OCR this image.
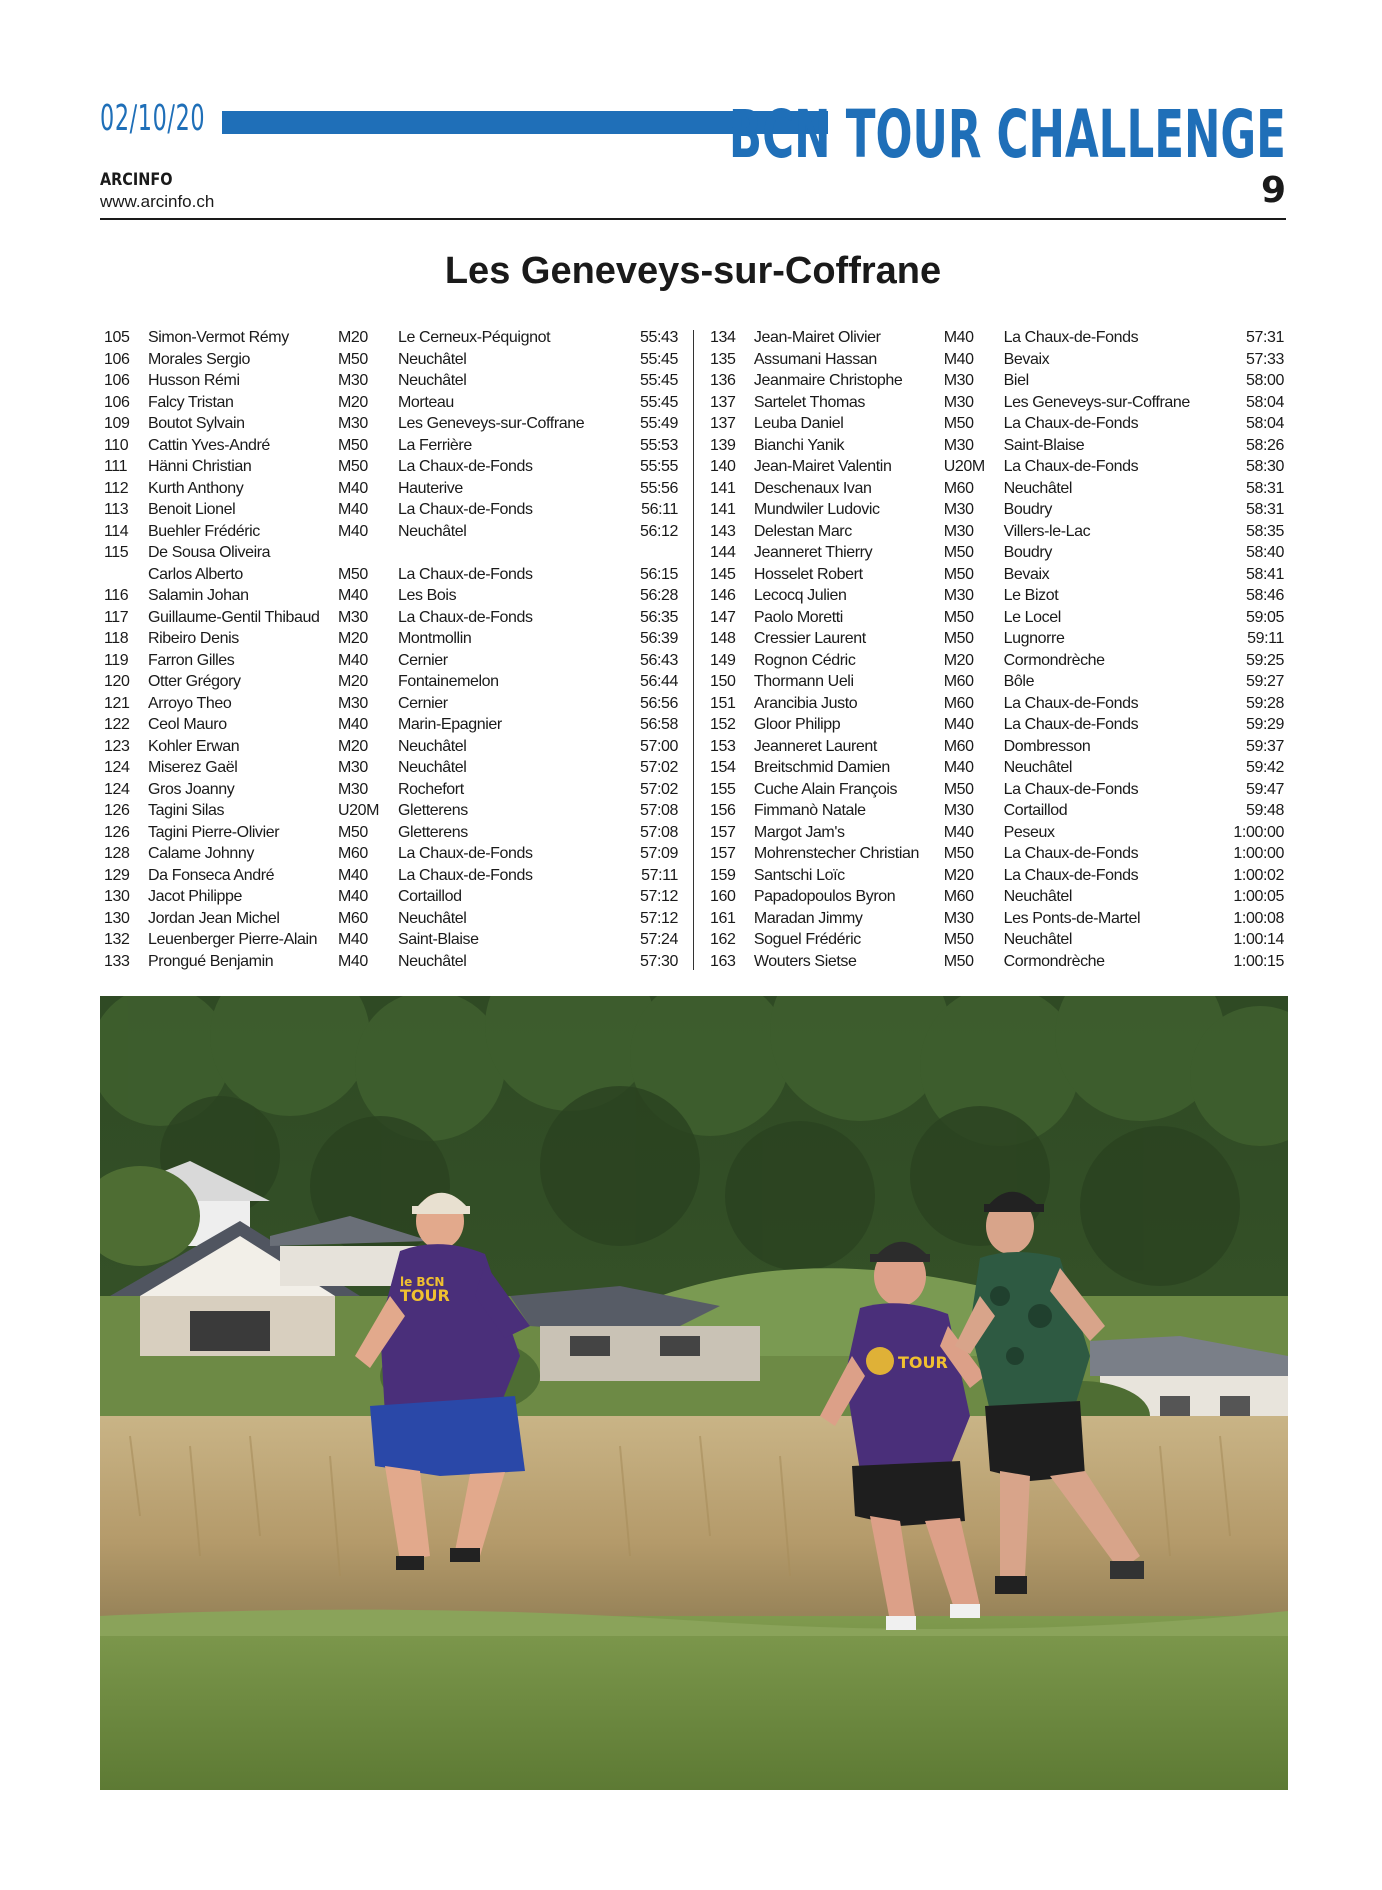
02/10/20	BCN TOUR CHALLENGE
ARCINFO
www.arcinfo.ch	9
Les Geneveys-sur-Coffrane
105	Simon-Vermot Rémy	M20	Le Cerneux-Péquignot	55:43
106	Morales Sergio	M50	Neuchâtel	55:45
106	Husson Rémi	M30	Neuchâtel	55:45
106	Falcy Tristan	M20	Morteau	55:45
109	Boutot Sylvain	M30	Les Geneveys-sur-Coffrane	55:49
110	Cattin Yves-André	M50	La Ferrière	55:53
111	Hänni Christian	M50	La Chaux-de-Fonds	55:55
112	Kurth Anthony	M40	Hauterive	55:56
113	Benoit Lionel	M40	La Chaux-de-Fonds	56:11
114	Buehler Frédéric	M40	Neuchâtel	56:12
115	De Sousa Oliveira			
	Carlos Alberto	M50	La Chaux-de-Fonds	56:15
116	Salamin Johan	M40	Les Bois	56:28
117	Guillaume-Gentil Thibaud	M30	La Chaux-de-Fonds	56:35
118	Ribeiro Denis	M20	Montmollin	56:39
119	Farron Gilles	M40	Cernier	56:43
120	Otter Grégory	M20	Fontainemelon	56:44
121	Arroyo Theo	M30	Cernier	56:56
122	Ceol Mauro	M40	Marin-Epagnier	56:58
123	Kohler Erwan	M20	Neuchâtel	57:00
124	Miserez Gaël	M30	Neuchâtel	57:02
124	Gros Joanny	M30	Rochefort	57:02
126	Tagini Silas	U20M	Gletterens	57:08
126	Tagini Pierre-Olivier	M50	Gletterens	57:08
128	Calame Johnny	M60	La Chaux-de-Fonds	57:09
129	Da Fonseca André	M40	La Chaux-de-Fonds	57:11
130	Jacot Philippe	M40	Cortaillod	57:12
130	Jordan Jean Michel	M60	Neuchâtel	57:12
132	Leuenberger Pierre-Alain	M40	Saint-Blaise	57:24
133	Prongué Benjamin	M40	Neuchâtel	57:30
134	Jean-Mairet Olivier	M40	La Chaux-de-Fonds	57:31
135	Assumani Hassan	M40	Bevaix	57:33
136	Jeanmaire Christophe	M30	Biel	58:00
137	Sartelet Thomas	M30	Les Geneveys-sur-Coffrane	58:04
137	Leuba Daniel	M50	La Chaux-de-Fonds	58:04
139	Bianchi Yanik	M30	Saint-Blaise	58:26
140	Jean-Mairet Valentin	U20M	La Chaux-de-Fonds	58:30
141	Deschenaux Ivan	M60	Neuchâtel	58:31
141	Mundwiler Ludovic	M30	Boudry	58:31
143	Delestan Marc	M30	Villers-le-Lac	58:35
144	Jeanneret Thierry	M50	Boudry	58:40
145	Hosselet Robert	M50	Bevaix	58:41
146	Lecocq Julien	M30	Le Bizot	58:46
147	Paolo Moretti	M50	Le Locel	59:05
148	Cressier Laurent	M50	Lugnorre	59:11
149	Rognon Cédric	M20	Cormondrèche	59:25
150	Thormann Ueli	M60	Bôle	59:27
151	Arancibia Justo	M60	La Chaux-de-Fonds	59:28
152	Gloor Philipp	M40	La Chaux-de-Fonds	59:29
153	Jeanneret Laurent	M60	Dombresson	59:37
154	Breitschmid Damien	M40	Neuchâtel	59:42
155	Cuche Alain François	M50	La Chaux-de-Fonds	59:47
156	Fimmanò Natale	M30	Cortaillod	59:48
157	Margot Jam's	M40	Peseux	1:00:00
157	Mohrenstecher Christian	M50	La Chaux-de-Fonds	1:00:00
159	Santschi Loïc	M20	La Chaux-de-Fonds	1:00:02
160	Papadopoulos Byron	M60	Neuchâtel	1:00:05
161	Maradan Jimmy	M30	Les Ponts-de-Martel	1:00:08
162	Soguel Frédéric	M50	Neuchâtel	1:00:14
163	Wouters Sietse	M50	Cormondrèche	1:00:15
le BCN
TOUR
TOUR
